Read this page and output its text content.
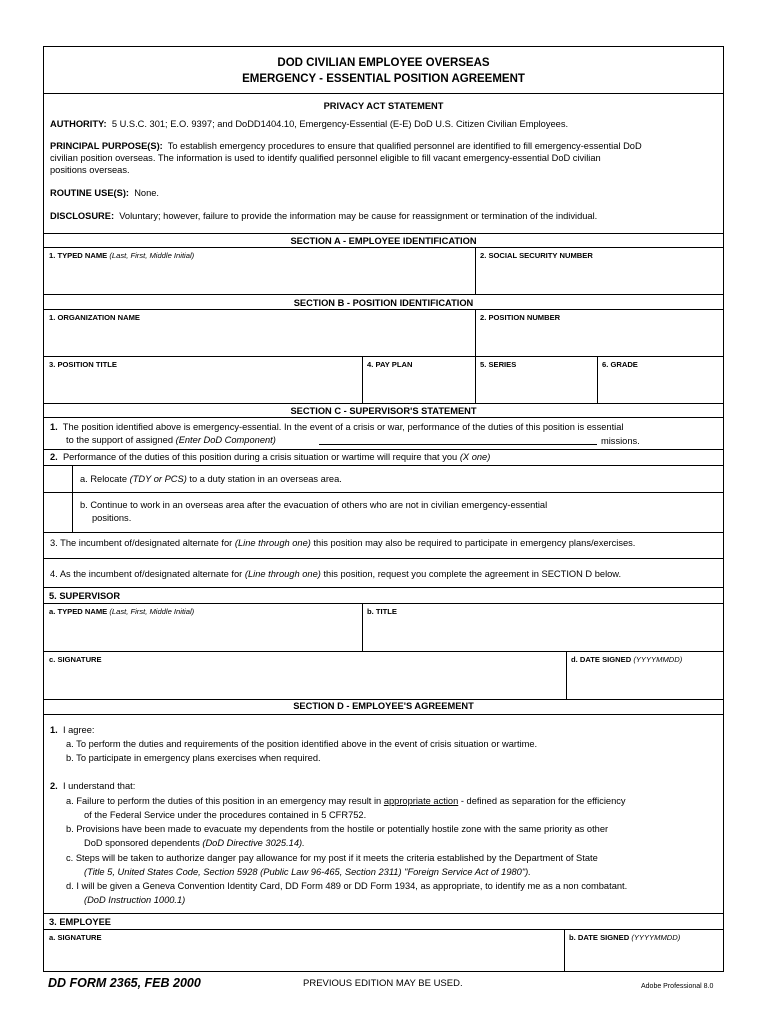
DOD CIVILIAN EMPLOYEE OVERSEAS
EMERGENCY - ESSENTIAL POSITION AGREEMENT
PRIVACY ACT STATEMENT
AUTHORITY: 5 U.S.C. 301; E.O. 9397; and DoDD1404.10, Emergency-Essential (E-E) DoD U.S. Citizen Civilian Employees.
PRINCIPAL PURPOSE(S): To establish emergency procedures to ensure that qualified personnel are identified to fill emergency-essential DoD
civilian position overseas. The information is used to identify qualified personnel eligible to fill vacant emergency-essential DoD civilian
positions overseas.
ROUTINE USE(S): None.
DISCLOSURE: Voluntary; however, failure to provide the information may be cause for reassignment or termination of the individual.
SECTION A - EMPLOYEE IDENTIFICATION
1. TYPED NAME (Last, First, Middle Initial)	2. SOCIAL SECURITY NUMBER
SECTION B - POSITION IDENTIFICATION
1. ORGANIZATION NAME	2. POSITION NUMBER
3. POSITION TITLE	4. PAY PLAN	5. SERIES	6. GRADE
SECTION C - SUPERVISOR'S STATEMENT
1. The position identified above is emergency-essential. In the event of a crisis or war, performance of the duties of this position is essential
to the support of assigned (Enter DoD Component)	missions.
2. Performance of the duties of this position during a crisis situation or wartime will require that you (X one)
a. Relocate (TDY or PCS) to a duty station in an overseas area.
b. Continue to work in an overseas area after the evacuation of others who are not in civilian emergency-essential
positions.
3. The incumbent of/designated alternate for (Line through one) this position may also be required to participate in emergency plans/exercises.
4. As the incumbent of/designated alternate for (Line through one) this position, request you complete the agreement in SECTION D below.
5. SUPERVISOR
a. TYPED NAME (Last, First, Middle Initial)	b. TITLE
c. SIGNATURE	d. DATE SIGNED (YYYYMMDD)
SECTION D - EMPLOYEE'S AGREEMENT
1. I agree:
a. To perform the duties and requirements of the position identified above in the event of crisis situation or wartime.
b. To participate in emergency plans exercises when required.
2. I understand that:
a. Failure to perform the duties of this position in an emergency may result in appropriate action - defined as separation for the efficiency
of the Federal Service under the procedures contained in 5 CFR752.
b. Provisions have been made to evacuate my dependents from the hostile or potentially hostile zone with the same priority as other
DoD sponsored dependents (DoD Directive 3025.14).
c. Steps will be taken to authorize danger pay allowance for my post if it meets the criteria established by the Department of State
(Title 5, United States Code, Section 5928 (Public Law 96-465, Section 2311) "Foreign Service Act of 1980").
d. I will be given a Geneva Convention Identity Card, DD Form 489 or DD Form 1934, as appropriate, to identify me as a non combatant.
(DoD Instruction 1000.1)
3. EMPLOYEE
a. SIGNATURE	b. DATE SIGNED (YYYYMMDD)
DD FORM 2365, FEB 2000	PREVIOUS EDITION MAY BE USED.	Adobe Professional 8.0
